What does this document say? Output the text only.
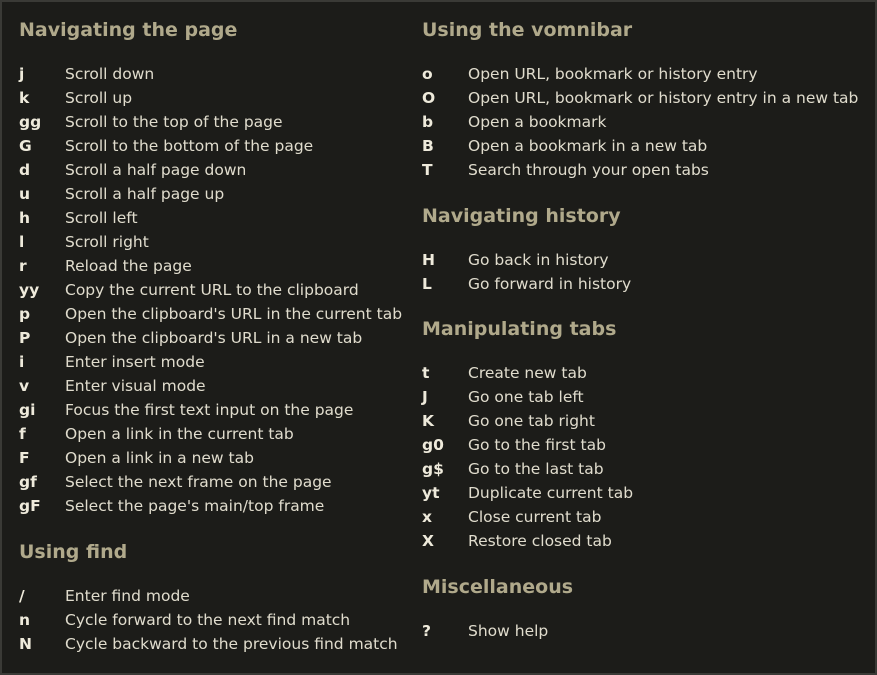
Navigating the page
j	Scroll down
k	Scroll up
gg	Scroll to the top of the page
G	Scroll to the bottom of the page
d	Scroll a half page down
u	Scroll a half page up
h	Scroll left
l	Scroll right
r	Reload the page
yy	Copy the current URL to the clipboard
p	Open the clipboard's URL in the current tab
P	Open the clipboard's URL in a new tab
i	Enter insert mode
v	Enter visual mode
gi	Focus the first text input on the page
f	Open a link in the current tab
F	Open a link in a new tab
gf	Select the next frame on the page
gF	Select the page's main/top frame
Using find
/	Enter find mode
n	Cycle forward to the next find match
N	Cycle backward to the previous find match
Using the vomnibar
o	Open URL, bookmark or history entry
O	Open URL, bookmark or history entry in a new tab
b	Open a bookmark
B	Open a bookmark in a new tab
T	Search through your open tabs
Navigating history
H	Go back in history
L	Go forward in history
Manipulating tabs
t	Create new tab
J	Go one tab left
K	Go one tab right
g0	Go to the first tab
g$	Go to the last tab
yt	Duplicate current tab
x	Close current tab
X	Restore closed tab
Miscellaneous
?	Show help
